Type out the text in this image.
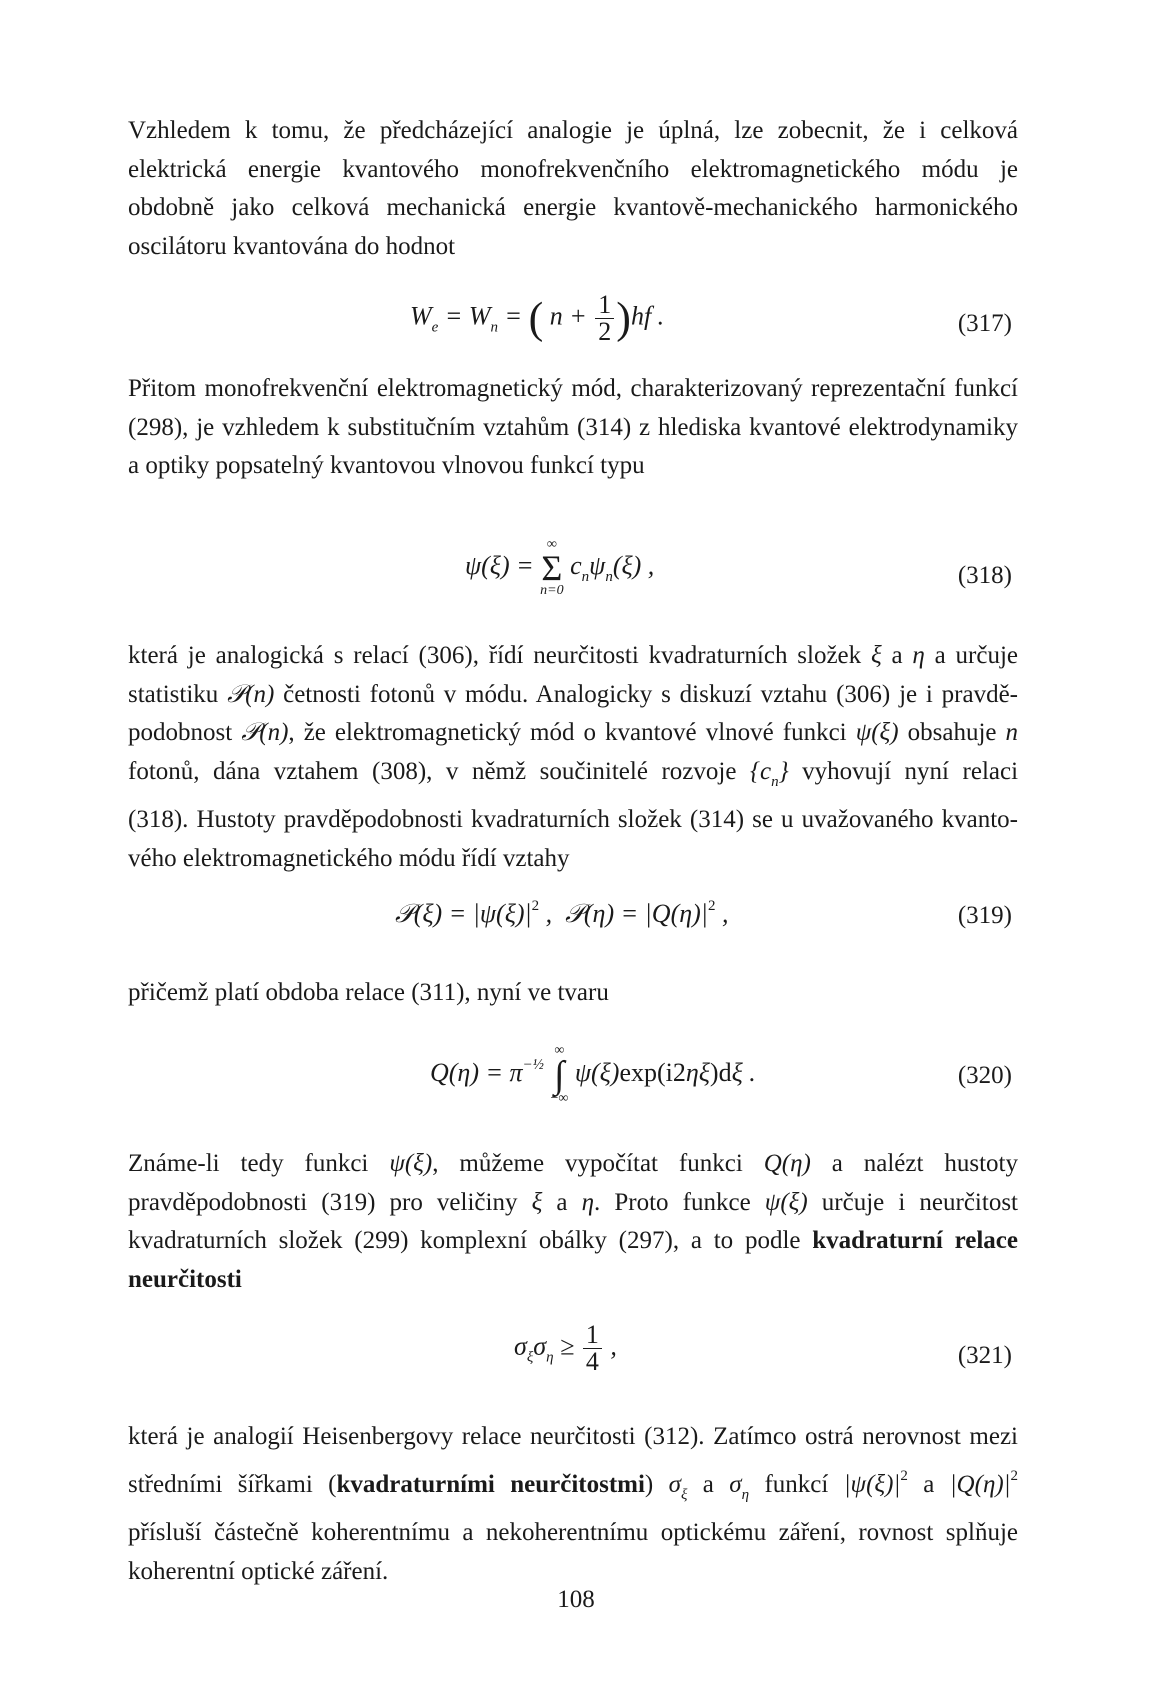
Vzhledem k tomu, že předcházející analogie je úplná, lze zobecnit, že i celková
elektrická energie kvantového monofrekvenčního elektromagnetického módu je
obdobně jako celková mechanická energie kvantově-mechanického harmonického
oscilátoru kvantována do hodnot
$W_e = W_n$ = ( $n + \frac{1}{2} )hf$ .	(317)
Přitom monofrekvenční elektromagnetický mód, charakterizovaný reprezentační funkcí
(298), je vzhledem k substitučním vztahům (314) z hlediska kvantové elektrodynamiky
a optiky popsatelný kvantovou vlnovou funkcí typu
ψ(ξ) =
∞
Σ
n=0
$c_n\psi_n(\xi)$ ,	(318)
která je analogická s relací (306), řídí neurčitosti kvadraturních složek ξ a η a určuje
statistiku 𝒫(n) četnosti fotonů v módu. Analogicky s diskuzí vztahu (306) je i pravdě-
podobnost 𝒫(n), že elektromagnetický mód o kvantové vlnové funkci ψ(ξ) obsahuje n
fotonů, dána vztahem (308), v němž součinitelé rozvoje $\{c_n\}$ vyhovují nyní relaci
(318). Hustoty pravděpodobnosti kvadraturních složek (314) se u uvažovaného kvanto-
vého elektromagnetického módu řídí vztahy
𝒫(ξ) = $|\psi(\xi)|^2$ ,  𝒫(η) = $|Q(\eta)|^2$ ,	(319)
přičemž platí obdoba relace (311), nyní ve tvaru
$Q(\eta) = \pi^{-\frac{1}{2}}$
∞
∫
−∞
ψ(ξ)exp(i2ηξ)dξ .	(320)
Známe-li tedy funkci ψ(ξ), můžeme vypočítat funkci Q(η) a nalézt hustoty
pravděpodobnosti (319) pro veličiny ξ a η. Proto funkce ψ(ξ) určuje i neurčitost
kvadraturních složek (299) komplexní obálky (297), a to podle kvadraturní relace
neurčitosti
$\sigma_\xi\sigma_\eta \ge \frac{1}{4}$ ,	(321)
která je analogií Heisenbergovy relace neurčitosti (312). Zatímco ostrá nerovnost mezi
středními šířkami (kvadraturními neurčitostmi) $\sigma_\xi$ a $\sigma_\eta$ funkcí $|\psi(\xi)|^2$ a $|Q(\eta)|^2$
přísluší částečně koherentnímu a nekoherentnímu optickému záření, rovnost splňuje
koherentní optické záření.
108
